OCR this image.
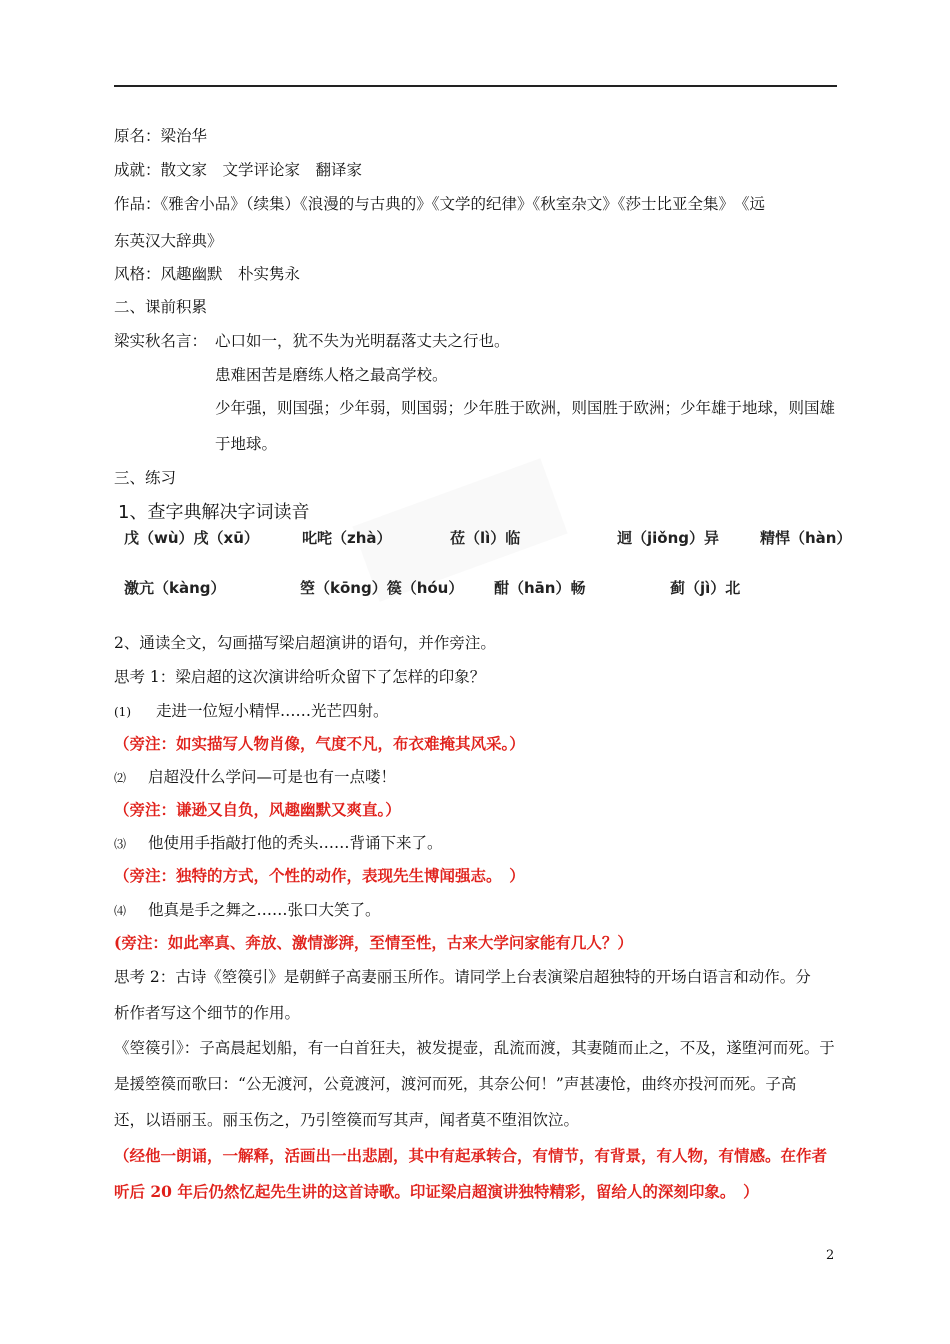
原名：梁治华
成就：散文家　文学评论家　翻译家
作品：《雅舍小品》（续集）《浪漫的与古典的》《文学的纪律》《秋室杂文》《莎士比亚全集》　《远
东英汉大辞典》
风格：风趣幽默　朴实隽永
二、课前积累
梁实秋名言： 心口如一，犹不失为光明磊落丈夫之行也。
患难困苦是磨练人格之最高学校。
少年强，则国强；少年弱，则国弱；少年胜于欧洲，则国胜于欧洲；少年雄于地球，则国雄
于地球。
三、练习
1、查字典解决字词读音
戊（wù）戌（xū）	叱咤（zhà）	莅（lì）临	迥（jiǒng）异	精悍（hàn）
激亢（kàng）	箜（kōng）篌（hóu） 酣（hān）畅	蓟（jì）北
2、通读全文，勾画描写梁启超演讲的语句，并作旁注。
思考 1：梁启超的这次演讲给听众留下了怎样的印象？
(1) 走进一位短小精悍……光芒四射。
（旁注：如实描写人物肖像，气度不凡，布衣难掩其风采。）
⑵ 启超没什么学问—可是也有一点喽！
（旁注：谦逊又自负，风趣幽默又爽直。）
⑶ 他使用手指敲打他的秃头……背诵下来了。
（旁注：独特的方式，个性的动作，表现先生博闻强志。　）
⑷ 他真是手之舞之……张口大笑了。
(旁注：如此率真、奔放、激情澎湃，至情至性，古来大学问家能有几人？）
思考 2：古诗《箜篌引》是朝鲜子高妻丽玉所作。请同学上台表演梁启超独特的开场白语言和动作。分
析作者写这个细节的作用。
《箜篌引》：子高晨起划船，有一白首狂夫，被发提壶，乱流而渡，其妻随而止之，不及，遂堕河而死。于
是援箜篌而歌曰：“公无渡河，公竟渡河，渡河而死，其奈公何！”声甚凄怆，曲终亦投河而死。子高
还，以语丽玉。丽玉伤之，乃引箜篌而写其声，闻者莫不堕泪饮泣。
（经他一朗诵，一解释，活画出一出悲剧，其中有起承转合，有情节，有背景，有人物，有情感。在作者
听后 20 年后仍然忆起先生讲的这首诗歌。印证梁启超演讲独特精彩，留给人的深刻印象。　）
2
